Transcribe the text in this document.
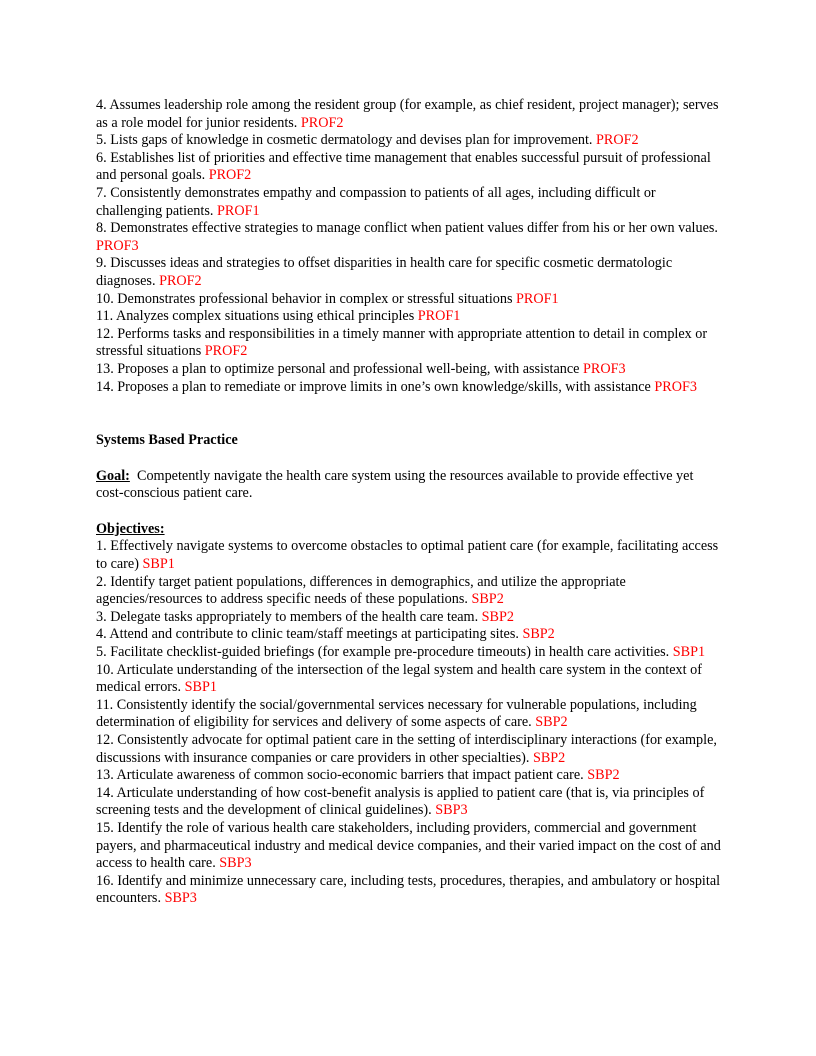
4. Assumes leadership role among the resident group (for example, as chief resident, project manager); serves as a role model for junior residents. PROF2

5. Lists gaps of knowledge in cosmetic dermatology and devises plan for improvement. PROF2

6. Establishes list of priorities and effective time management that enables successful pursuit of professional and personal goals. PROF2

7. Consistently demonstrates empathy and compassion to patients of all ages, including difficult or challenging patients. PROF1

8. Demonstrates effective strategies to manage conflict when patient values differ from his or her own values. PROF3

9. Discusses ideas and strategies to offset disparities in health care for specific cosmetic dermatologic diagnoses. PROF2

10. Demonstrates professional behavior in complex or stressful situations PROF1

11. Analyzes complex situations using ethical principles PROF1

12. Performs tasks and responsibilities in a timely manner with appropriate attention to detail in complex or stressful situations PROF2

13. Proposes a plan to optimize personal and professional well-being, with assistance PROF3

14. Proposes a plan to remediate or improve limits in one’s own knowledge/skills, with assistance PROF3

Systems Based Practice

Goal: Competently navigate the health care system using the resources available to provide effective yet cost-conscious patient care.

Objectives:

1. Effectively navigate systems to overcome obstacles to optimal patient care (for example, facilitating access to care) SBP1

2. Identify target patient populations, differences in demographics, and utilize the appropriate agencies/resources to address specific needs of these populations. SBP2

3. Delegate tasks appropriately to members of the health care team. SBP2

4. Attend and contribute to clinic team/staff meetings at participating sites. SBP2

5. Facilitate checklist-guided briefings (for example pre-procedure timeouts) in health care activities. SBP1

10. Articulate understanding of the intersection of the legal system and health care system in the context of medical errors. SBP1

11. Consistently identify the social/governmental services necessary for vulnerable populations, including determination of eligibility for services and delivery of some aspects of care. SBP2

12. Consistently advocate for optimal patient care in the setting of interdisciplinary interactions (for example, discussions with insurance companies or care providers in other specialties). SBP2

13. Articulate awareness of common socio-economic barriers that impact patient care. SBP2

14. Articulate understanding of how cost-benefit analysis is applied to patient care (that is, via principles of screening tests and the development of clinical guidelines). SBP3

15. Identify the role of various health care stakeholders, including providers, commercial and government payers, and pharmaceutical industry and medical device companies, and their varied impact on the cost of and access to health care. SBP3

16. Identify and minimize unnecessary care, including tests, procedures, therapies, and ambulatory or hospital encounters. SBP3
